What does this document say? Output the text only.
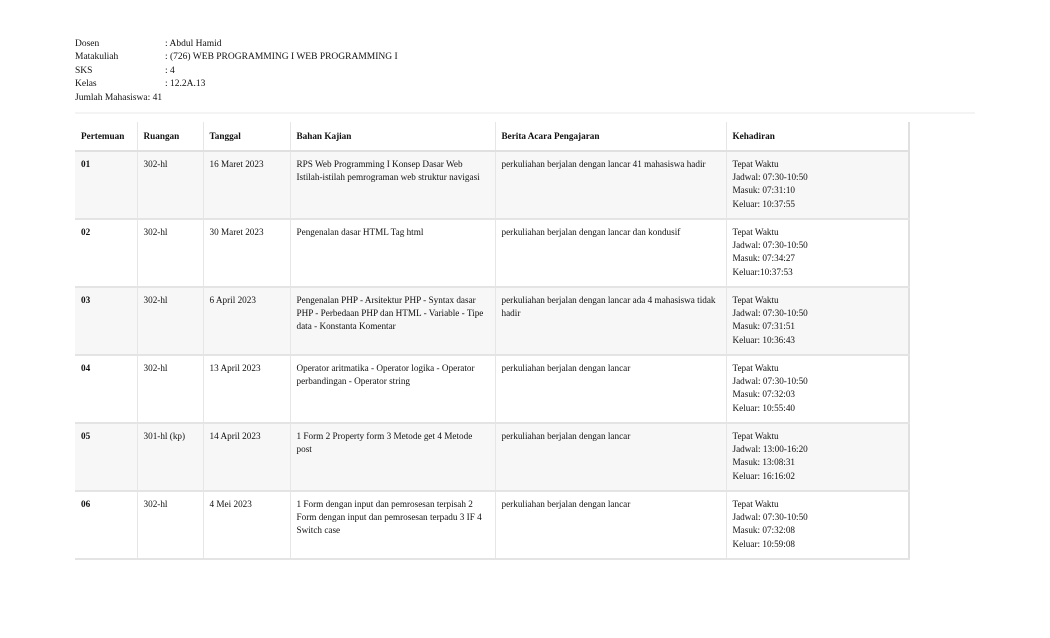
Dosen	: Abdul Hamid
Matakuliah	: (726) WEB PROGRAMMING I WEB PROGRAMMING I
SKS	: 4
Kelas	: 12.2A.13
Jumlah Mahasiswa : 41
Pertemuan	Ruangan	Tanggal	Bahan Kajian	Berita Acara Pengajaran	Kehadiran
01	302-hl	16 Maret 2023	RPS Web Programming I Konsep Dasar Web Istilah-istilah pemrograman web struktur navigasi	perkuliahan berjalan dengan lancar 41 mahasiswa hadir	Tepat Waktu
Jadwal: 07:30-10:50
Masuk: 07:31:10
Keluar: 10:37:55

02	302-hl	30 Maret 2023	Pengenalan dasar HTML Tag html	perkuliahan berjalan dengan lancar dan kondusif	Tepat Waktu
Jadwal: 07:30-10:50
Masuk: 07:34:27
Keluar:10:37:53

03	302-hl	6 April 2023	Pengenalan PHP - Arsitektur PHP - Syntax dasar PHP - Perbedaan PHP dan HTML - Variable - Tipe data - Konstanta Komentar	perkuliahan berjalan dengan lancar ada 4 mahasiswa tidak hadir	Tepat Waktu
Jadwal: 07:30-10:50
Masuk: 07:31:51
Keluar: 10:36:43

04	302-hl	13 April 2023	Operator aritmatika - Operator logika - Operator perbandingan - Operator string	perkuliahan berjalan dengan lancar	Tepat Waktu
Jadwal: 07:30-10:50
Masuk: 07:32:03
Keluar: 10:55:40

05	301-hl (kp)	14 April 2023	1 Form 2 Property form 3 Metode get 4 Metode post	perkuliahan berjalan dengan lancar	Tepat Waktu
Jadwal: 13:00-16:20
Masuk: 13:08:31
Keluar: 16:16:02

06	302-hl	4 Mei 2023	1 Form dengan input dan pemrosesan terpisah 2 Form dengan input dan pemrosesan terpadu 3 IF 4 Switch case	perkuliahan berjalan dengan lancar	Tepat Waktu
Jadwal: 07:30-10:50
Masuk: 07:32:08
Keluar: 10:59:08
